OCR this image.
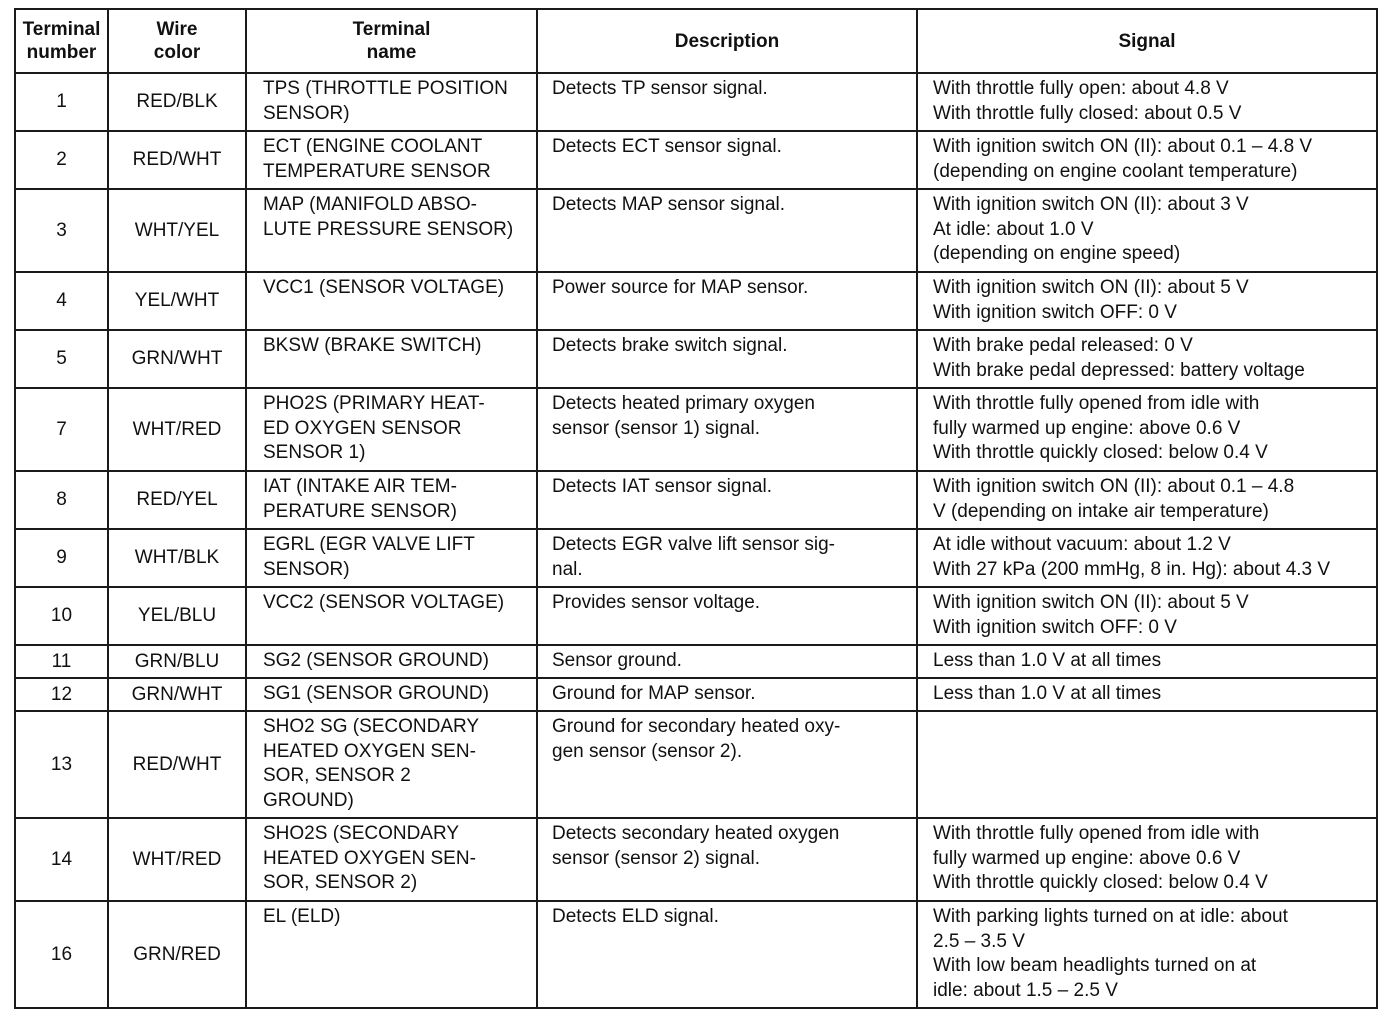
Terminal
number	Wire
color	Terminal
name	Description	Signal
1	RED/BLK	TPS (THROTTLE POSITION
SENSOR)	Detects TP sensor signal.	With throttle fully open: about 4.8 V
With throttle fully closed: about 0.5 V
2	RED/WHT	ECT (ENGINE COOLANT
TEMPERATURE SENSOR	Detects ECT sensor signal.	With ignition switch ON (II): about 0.1 – 4.8 V
(depending on engine coolant temperature)
3	WHT/YEL	MAP (MANIFOLD ABSO-
LUTE PRESSURE SENSOR)	Detects MAP sensor signal.	With ignition switch ON (II): about 3 V
At idle: about 1.0 V
(depending on engine speed)
4	YEL/WHT	VCC1 (SENSOR VOLTAGE)	Power source for MAP sensor.	With ignition switch ON (II): about 5 V
With ignition switch OFF: 0 V
5	GRN/WHT	BKSW (BRAKE SWITCH)	Detects brake switch signal.	With brake pedal released: 0 V
With brake pedal depressed: battery voltage
7	WHT/RED	PHO2S (PRIMARY HEAT-
ED OXYGEN SENSOR
SENSOR 1)	Detects heated primary oxygen
sensor (sensor 1) signal.	With throttle fully opened from idle with
fully warmed up engine: above 0.6 V
With throttle quickly closed: below 0.4 V
8	RED/YEL	IAT (INTAKE AIR TEM-
PERATURE SENSOR)	Detects IAT sensor signal.	With ignition switch ON (II): about 0.1 – 4.8
V (depending on intake air temperature)
9	WHT/BLK	EGRL (EGR VALVE LIFT
SENSOR)	Detects EGR valve lift sensor sig-
nal.	At idle without vacuum: about 1.2 V
With 27 kPa (200 mmHg, 8 in. Hg): about 4.3 V
10	YEL/BLU	VCC2 (SENSOR VOLTAGE)	Provides sensor voltage.	With ignition switch ON (II): about 5 V
With ignition switch OFF: 0 V
11	GRN/BLU	SG2 (SENSOR GROUND)	Sensor ground.	Less than 1.0 V at all times
12	GRN/WHT	SG1 (SENSOR GROUND)	Ground for MAP sensor.	Less than 1.0 V at all times
13	RED/WHT	SHO2 SG (SECONDARY
HEATED OXYGEN SEN-
SOR, SENSOR 2
GROUND)	Ground for secondary heated oxy-
gen sensor (sensor 2).	
14	WHT/RED	SHO2S (SECONDARY
HEATED OXYGEN SEN-
SOR, SENSOR 2)	Detects secondary heated oxygen
sensor (sensor 2) signal.	With throttle fully opened from idle with
fully warmed up engine: above 0.6 V
With throttle quickly closed: below 0.4 V
16	GRN/RED	EL (ELD)	Detects ELD signal.	With parking lights turned on at idle: about
2.5 – 3.5 V
With low beam headlights turned on at
idle: about 1.5 – 2.5 V
